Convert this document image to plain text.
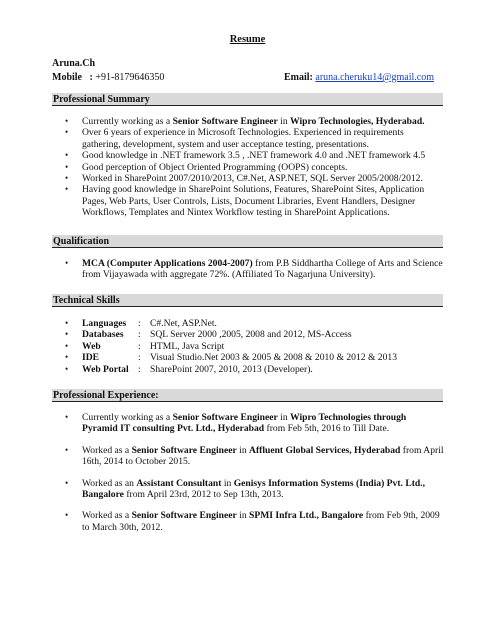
Resume
Aruna.Ch
Mobile : +91-8179646350	Email: aruna.cheruku14@gmail.com
Professional Summary
• Currently working as a Senior Software Engineer in Wipro Technologies, Hyderabad.
• Over 6 years of experience in Microsoft Technologies. Experienced in requirements gathering, development, system and user acceptance testing, presentations.
• Good knowledge in .NET framework 3.5 , .NET framework 4.0 and .NET framework 4.5
• Good perception of Object Oriented Programming (OOPS) concepts.
• Worked in SharePoint 2007/2010/2013, C#.Net, ASP.NET, SQL Server 2005/2008/2012.
• Having good knowledge in SharePoint Solutions, Features, SharePoint Sites, Application Pages, Web Parts, User Controls, Lists, Document Libraries, Event Handlers, Designer Workflows, Templates and Nintex Workflow testing in SharePoint Applications.
Qualification
• MCA (Computer Applications 2004-2007) from P.B Siddhartha College of Arts and Science from Vijayawada with aggregate 72%. (Affiliated To Nagarjuna University).
Technical Skills
• Languages : C#.Net, ASP.Net.
• Databases : SQL Server 2000 ,2005, 2008 and 2012, MS-Access
• Web	: HTML, Java Script
• IDE	: Visual Studio.Net 2003 & 2005 & 2008 & 2010 & 2012 & 2013
• Web Portal : SharePoint 2007, 2010, 2013 (Developer).
Professional Experience:
• Currently working as a Senior Software Engineer in Wipro Technologies through Pyramid IT consulting Pvt. Ltd., Hyderabad from Feb 5th, 2016 to Till Date.
• Worked as a Senior Software Engineer in Affluent Global Services, Hyderabad from April 16th, 2014 to October 2015.
• Worked as an Assistant Consultant in Genisys Information Systems (India) Pvt. Ltd., Bangalore from April 23rd, 2012 to Sep 13th, 2013.
• Worked as a Senior Software Engineer in SPMI Infra Ltd., Bangalore from Feb 9th, 2009 to March 30th, 2012.
